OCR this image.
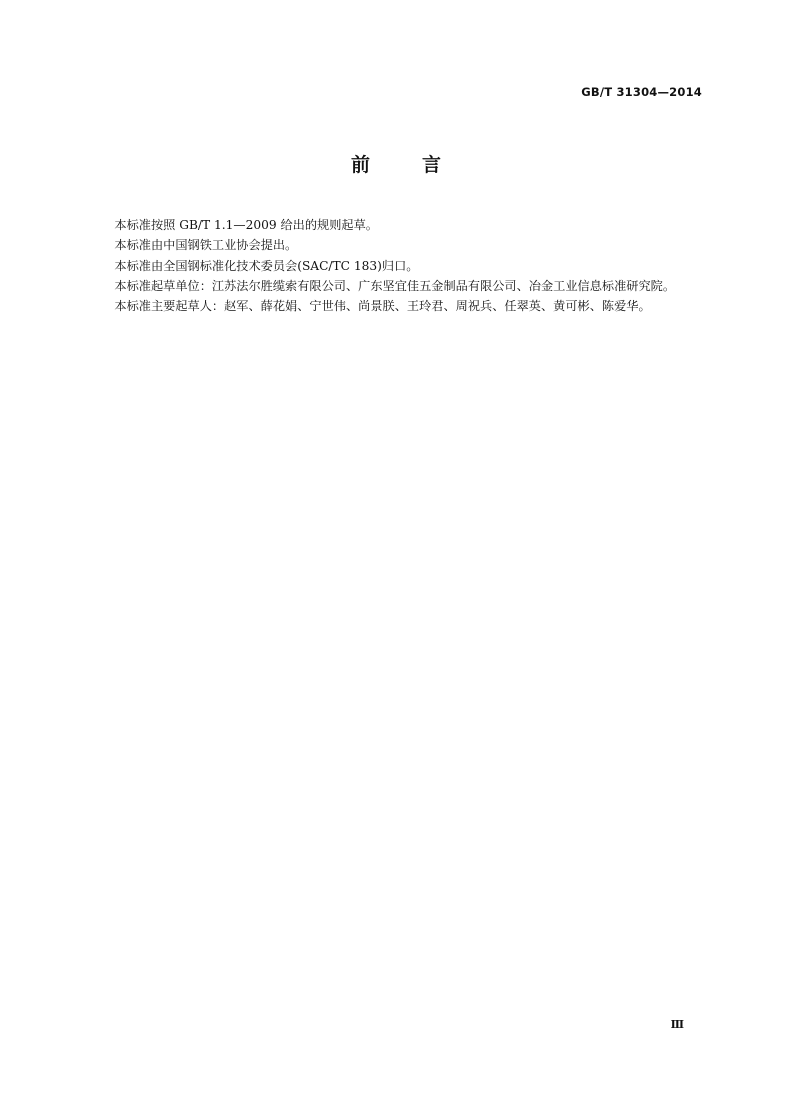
GB/T 31304—2014
前	言

本标准按照 GB/T 1.1—2009 给出的规则起草。

本标准由中国钢铁工业协会提出。

本标准由全国钢标准化技术委员会(SAC/TC 183)归口。

本标准起草单位：江苏法尔胜缆索有限公司、广东坚宜佳五金制品有限公司、冶金工业信息标准研究院。

本标准主要起草人：赵军、薛花娟、宁世伟、尚景朕、王玲君、周祝兵、任翠英、黄可彬、陈爱华。

Ⅲ
